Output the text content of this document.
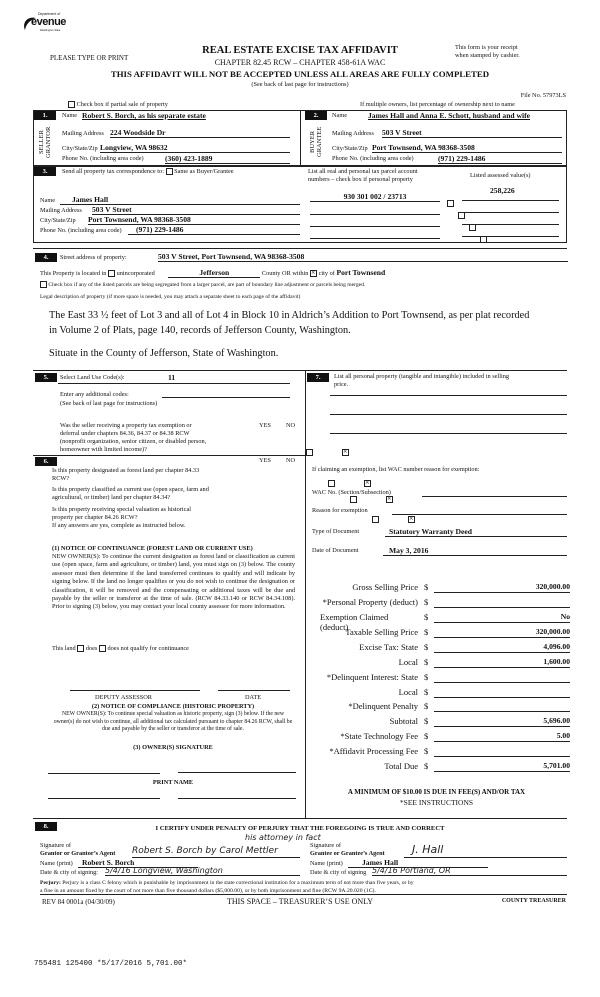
Department of
evenue
Washington State
PLEASE TYPE OR PRINT
REAL ESTATE EXCISE TAX AFFIDAVIT
CHAPTER 82.45 RCW – CHAPTER 458-61A WAC
THIS AFFIDAVIT WILL NOT BE ACCEPTED UNLESS ALL AREAS ARE FULLY COMPLETED
(See back of last page for instructions)
This form is your receipt
when stamped by cashier.
File No. 57973LS
Check box if partial sale of property	If multiple owners, list percentage of ownership next to name
1.
SELLER
GRANTOR
Name Robert S. Borch, as his separate estate
Mailing Address 224 Woodside Dr
City/State/Zip Longview, WA 98632
Phone No. (including area code)	(360) 423-1889
2.
BUYER
GRANTEE
Name	James Hall and Anna E. Schott, husband and wife
Mailing Address 503 V Street
City/State/Zip Port Townsend, WA 98368-3508
Phone No. (including area code)	(971) 229-1486
3.	Send all property tax correspondence to: Same as Buyer/Grantee
Name	James Hall
Mailing Address 503 V Street
City/State/Zip Port Townsend, WA 98368-3508
Phone No. (including area code)	(971) 229-1486
List all real and personal tax parcel account
numbers – check box if personal property
Listed assessed value(s)
258,226
930 301 002 / 23713

4.	Street address of property:	503 V Street, Port Townsend, WA 98368-3508
This Property is located in unincorporated	Jefferson	County OR within × city of Port Townsend
Check box if any of the listed parcels are being segregated from a larger parcel, are part of boundary line adjustment or parcels being merged.
Legal description of property (if more space is needed, you may attach a separate sheet to each page of the affidavit)
The East 33 ½ feet of Lot 3 and all of Lot 4 in Block 10 in Aldrich’s Addition to Port Townsend, as per plat recorded
in Volume 2 of Plats, page 140, records of Jefferson County, Washington.
Situate in the County of Jefferson, State of Washington.
5.	Select Land Use Code(s):	11
Enter any additional codes:
(See back of last page for instructions)
Was the seller receiving a property tax exemption or
deferral under chapters 84.36, 84.37 or 84.38 RCW
(nonprofit organization, senior citizen, or disabled person,
homeowner with limited income)?
YES NO
×
6.	YES NO
Is this property designated as forest land per chapter 84.33
RCW?
×
Is this property classified as current use (open space, farm and
agricultural, or timber) land per chapter 84.34?
×
Is this property receiving special valuation as historical
property per chapter 84.26 RCW?
×
If any answers are yes, complete as instructed below.
(1) NOTICE OF CONTINUANCE (FOREST LAND OR CURRENT USE)
NEW OWNER(S): To continue the current designation as forest land or classification as current use (open space, farm and agriculture, or timber) land, you must sign on (3) below. The county assessor must then determine if the land transferred continues to qualify and will indicate by signing below. If the land no longer qualifies or you do not wish to continue the designation or classification, it will be removed and the compensating or additional taxes will be due and payable by the seller or transferor at the time of sale. (RCW 84.33.140 or RCW 84.34.108). Prior to signing (3) below, you may contact your local county assessor for more information.
This land does does not qualify for continuance
DEPUTY ASSESSOR	DATE
(2) NOTICE OF COMPLIANCE (HISTORIC PROPERTY)
NEW OWNER(S): To continue special valuation as historic property, sign (3) below. If the new owner(s) do not wish to continue, all additional tax calculated pursuant to chapter 84.26 RCW, shall be due and payable by the seller or transferor at the time of sale.
(3) OWNER(S) SIGNATURE
PRINT NAME
7.	List all personal property (tangible and intangible) included in selling
price.
If claiming an exemption, list WAC number reason for exemption:
WAC No. (Section/Subsection)
Reason for exemption
Type of Document	Statutory Warranty Deed
Date of Document	May 3, 2016
Gross Selling Price $	320,000.00
*Personal Property (deduct) $
Exemption Claimed (deduct)
$	No
Taxable Selling Price $	320,000.00
Excise Tax: State $	4,096.00
Local $	1,600.00
*Delinquent Interest: State $
Local $
*Delinquent Penalty $
Subtotal $	5,696.00
*State Technology Fee $	5.00
*Affidavit Processing Fee $
Total Due $	5,701.00
A MINIMUM OF $10.00 IS DUE IN FEE(S) AND/OR TAX
*SEE INSTRUCTIONS
8.	I CERTIFY UNDER PENALTY OF PERJURY THAT THE FOREGOING IS TRUE AND CORRECT
Signature of
Grantor or Grantor’s Agent Robert S. Borch by Carol Mettler
his attorney in fact
Name (print)	Robert S. Borch
Date & city of signing: 5/4/16 Longview, Washington
Signature of
Grantee or Grantee’s Agent	J. Hall
Name (print)	James Hall
Date & city of signing 5/4/16 Portland, OR
Perjury: Perjury is a class C felony which is punishable by imprisonment in the state correctional institution for a maximum term of not more than five years, or by
a fine in an amount fixed by the court of not more than five thousand dollars ($5,000.00), or by both imprisonment and fine (RCW 9A.20.020 (1C).
REV 84 0001a (04/30/09)	THIS SPACE – TREASURER’S USE ONLY	COUNTY TREASURER
755481 125400 *5/17/2016 5,701.00*
